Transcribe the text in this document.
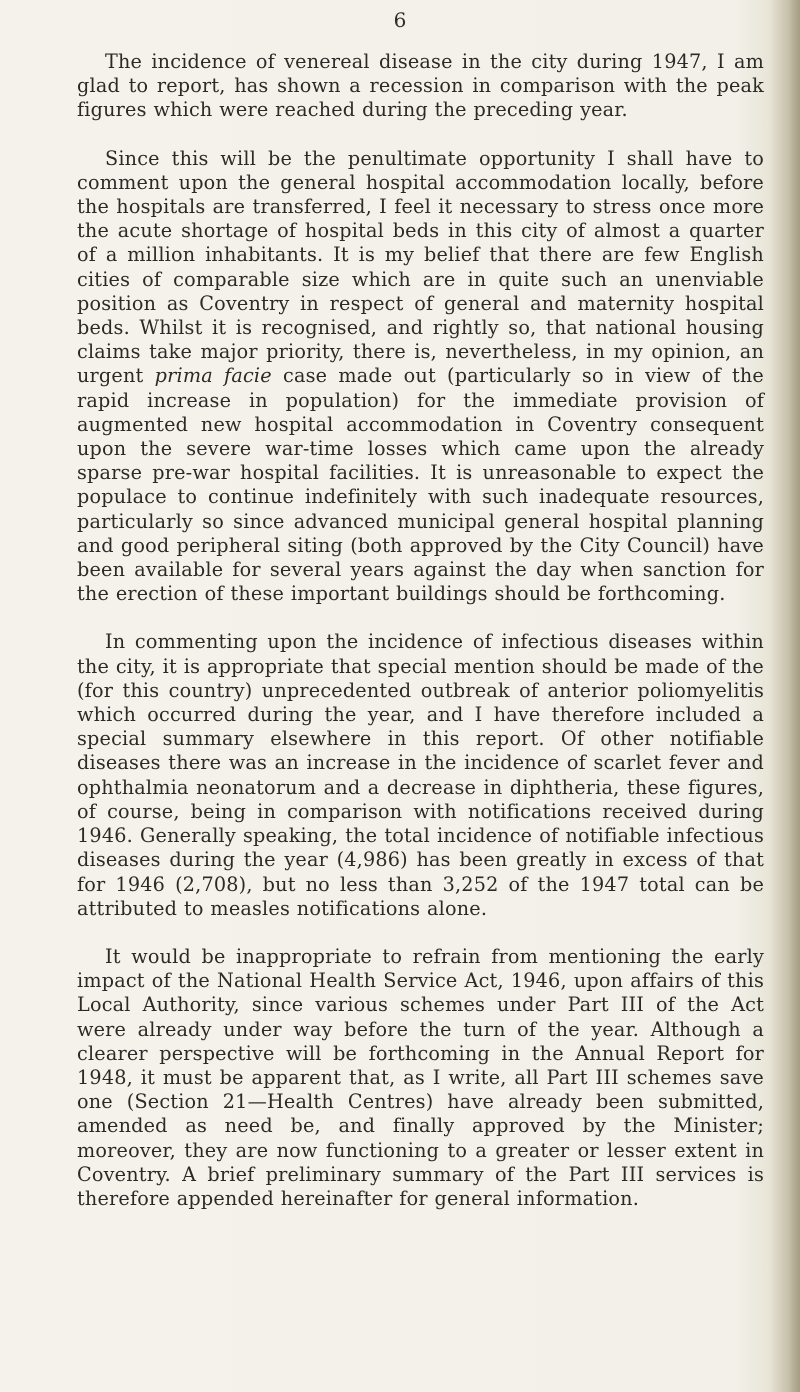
6

The incidence of venereal disease in the city during 1947, I am glad to report, has shown a recession in comparison with the peak figures which were reached during the preceding year.

Since this will be the penultimate opportunity I shall have to comment upon the general hospital accommodation locally, before the hospitals are transferred, I feel it necessary to stress once more the acute shortage of hospital beds in this city of almost a quarter of a million inhabitants. It is my belief that there are few English cities of comparable size which are in quite such an unenviable position as Coventry in respect of general and maternity hospital beds. Whilst it is recognised, and rightly so, that national housing claims take major priority, there is, nevertheless, in my opinion, an urgent prima facie case made out (particularly so in view of the rapid increase in population) for the immediate provision of augmented new hospital accommodation in Coventry consequent upon the severe war-time losses which came upon the already sparse pre-war hospital facilities. It is unreasonable to expect the populace to continue indefinitely with such inadequate resources, particularly so since advanced municipal general hospital planning and good peripheral siting (both approved by the City Council) have been available for several years against the day when sanction for the erection of these important buildings should be forthcoming.

In commenting upon the incidence of infectious diseases within the city, it is appropriate that special mention should be made of the (for this country) unprecedented outbreak of anterior poliomyelitis which occurred during the year, and I have therefore included a special summary elsewhere in this report. Of other notifiable diseases there was an increase in the incidence of scarlet fever and ophthalmia neonatorum and a decrease in diphtheria, these figures, of course, being in comparison with notifications received during 1946. Generally speaking, the total incidence of notifiable infectious diseases during the year (4,986) has been greatly in excess of that for 1946 (2,708), but no less than 3,252 of the 1947 total can be attributed to measles notifications alone.

It would be inappropriate to refrain from mentioning the early impact of the National Health Service Act, 1946, upon affairs of this Local Authority, since various schemes under Part III of the Act were already under way before the turn of the year. Although a clearer perspective will be forthcoming in the Annual Report for 1948, it must be apparent that, as I write, all Part III schemes save one (Section 21—Health Centres) have already been submitted, amended as need be, and finally approved by the Minister; moreover, they are now functioning to a greater or lesser extent in Coventry. A brief preliminary summary of the Part III services is therefore appended hereinafter for general information.
